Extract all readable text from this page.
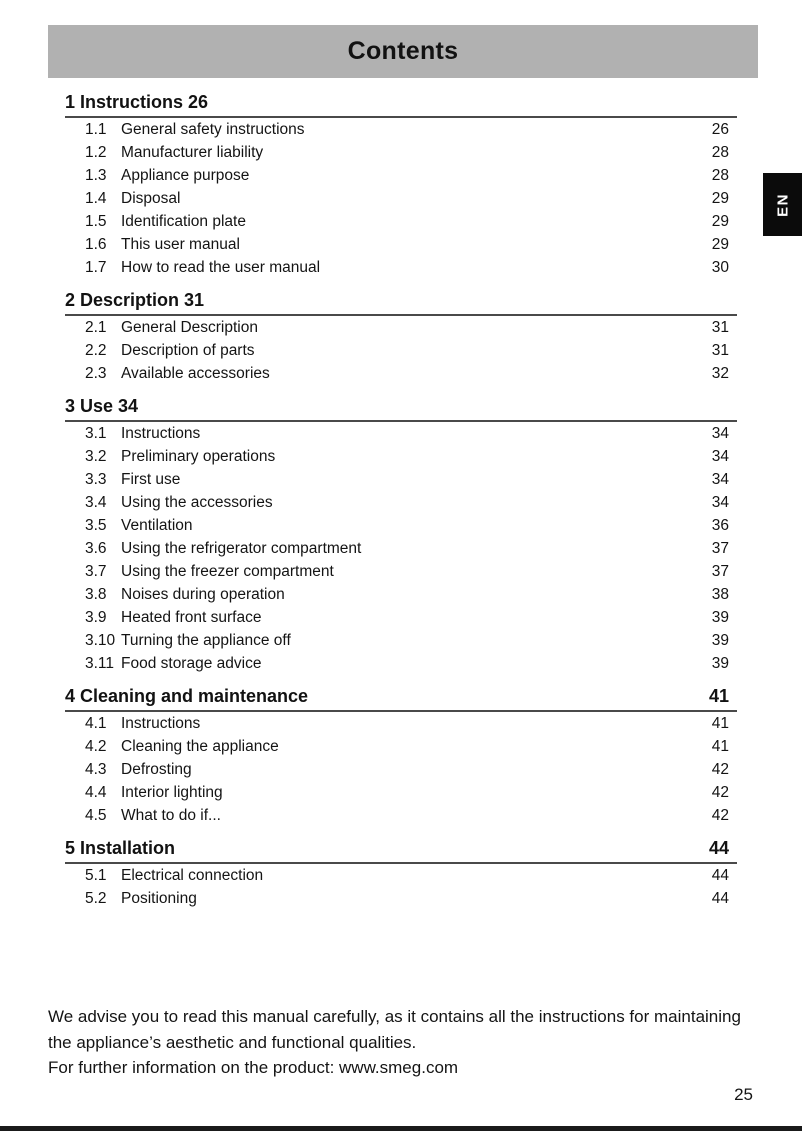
Contents
EN
1 Instructions 26
1.1 General safety instructions	26
1.2 Manufacturer liability	28
1.3 Appliance purpose	28
1.4 Disposal	29
1.5 Identification plate	29
1.6 This user manual	29
1.7 How to read the user manual	30
2 Description 31
2.1 General Description	31
2.2 Description of parts	31
2.3 Available accessories	32
3 Use 34
3.1 Instructions	34
3.2 Preliminary operations	34
3.3 First use	34
3.4 Using the accessories	34
3.5 Ventilation	36
3.6 Using the refrigerator compartment	37
3.7 Using the freezer compartment	37
3.8 Noises during operation	38
3.9 Heated front surface	39
3.10 Turning the appliance off	39
3.11 Food storage advice	39
4 Cleaning and maintenance	41
4.1 Instructions	41
4.2 Cleaning the appliance	41
4.3 Defrosting	42
4.4 Interior lighting	42
4.5 What to do if...	42
5 Installation	44
5.1 Electrical connection	44
5.2 Positioning	44

We advise you to read this manual carefully, as it contains all the instructions for maintaining
the appliance’s aesthetic and functional qualities.

For further information on the product: www.smeg.com

25
